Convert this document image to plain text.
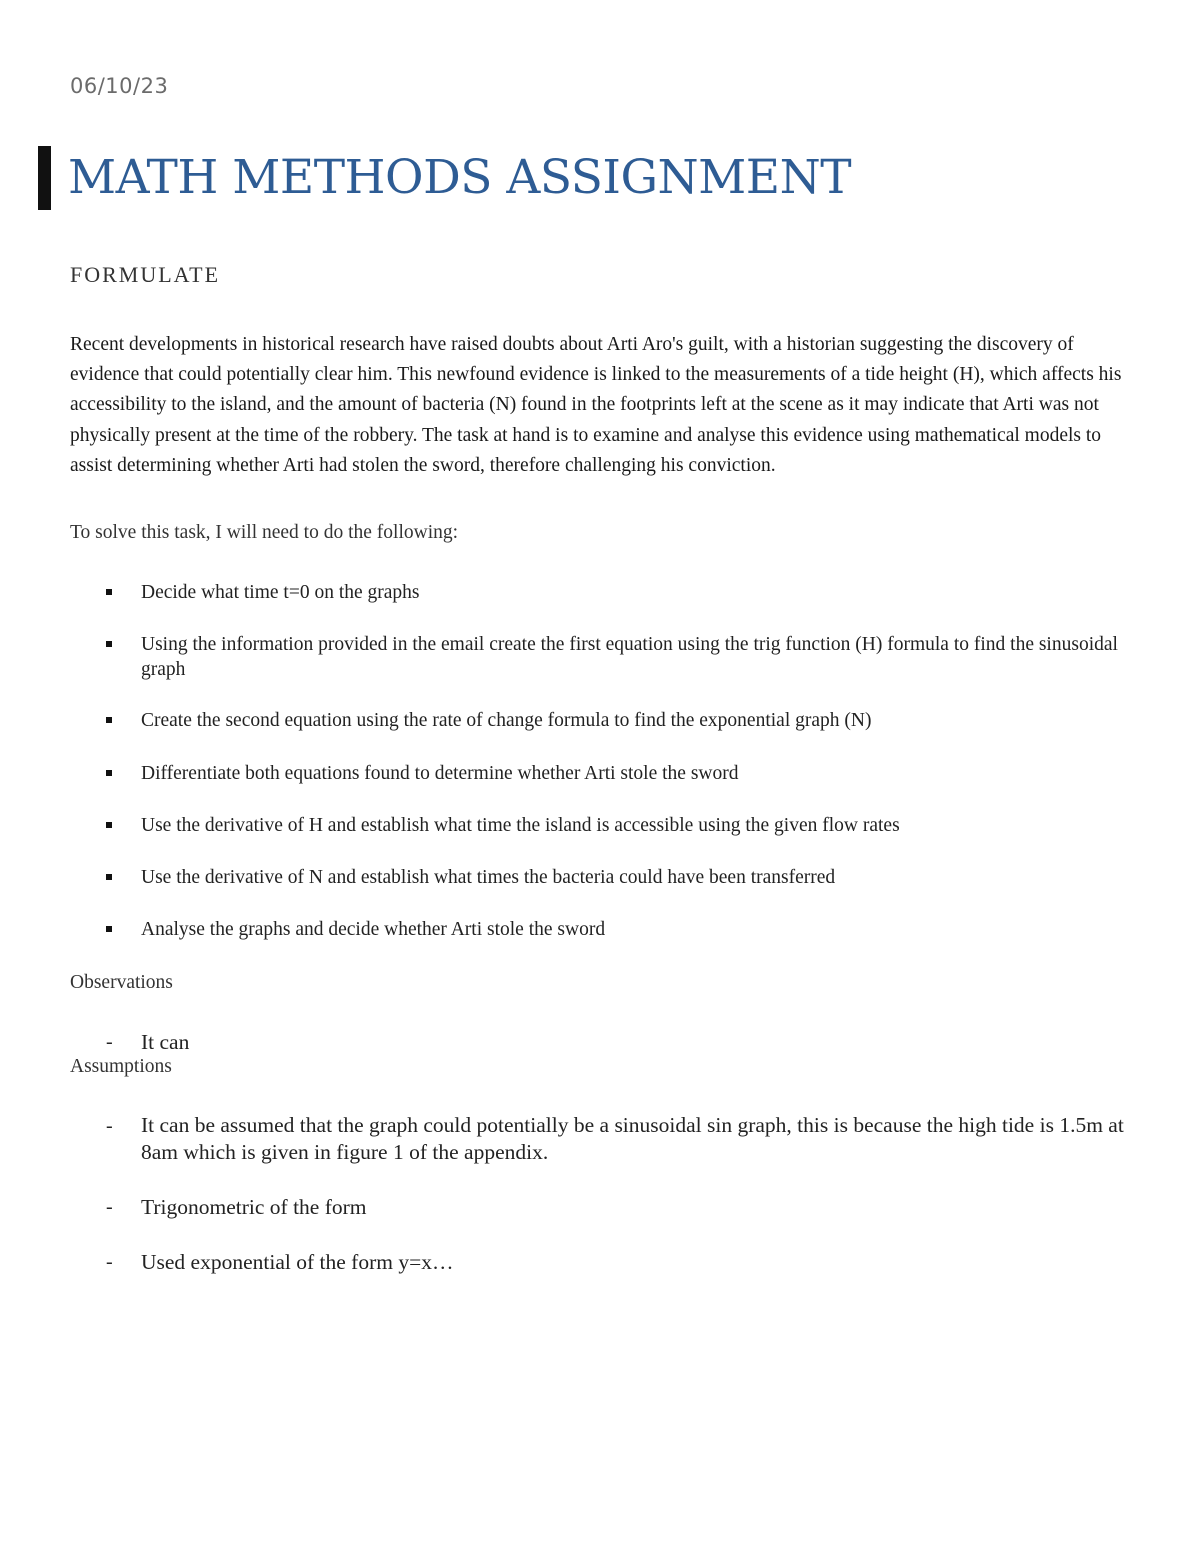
06/10/23
MATH METHODS ASSIGNMENT
FORMULATE

Recent developments in historical research have raised doubts about Arti Aro's guilt, with a historian suggesting the discovery of evidence that could potentially clear him. This newfound evidence is linked to the measurements of a tide height (H), which affects his accessibility to the island, and the amount of bacteria (N) found in the footprints left at the scene as it may indicate that Arti was not physically present at the time of the robbery. The task at hand is to examine and analyse this evidence using mathematical models to assist determining whether Arti had stolen the sword, therefore challenging his conviction.

To solve this task, I will need to do the following:
Decide what time t=0 on the graphs
Using the information provided in the email create the first equation using the trig function (H) formula to find the sinusoidal graph
Create the second equation using the rate of change formula to find the exponential graph (N)
Differentiate both equations found to determine whether Arti stole the sword
Use the derivative of H and establish what time the island is accessible using the given flow rates
Use the derivative of N and establish what times the bacteria could have been transferred
Analyse the graphs and decide whether Arti stole the sword
Observations
- It can
Assumptions
- It can be assumed that the graph could potentially be a sinusoidal sin graph, this is because the high tide is 1.5m at 8am which is given in figure 1 of the appendix.
- Trigonometric of the form
- Used exponential of the form y=x…
